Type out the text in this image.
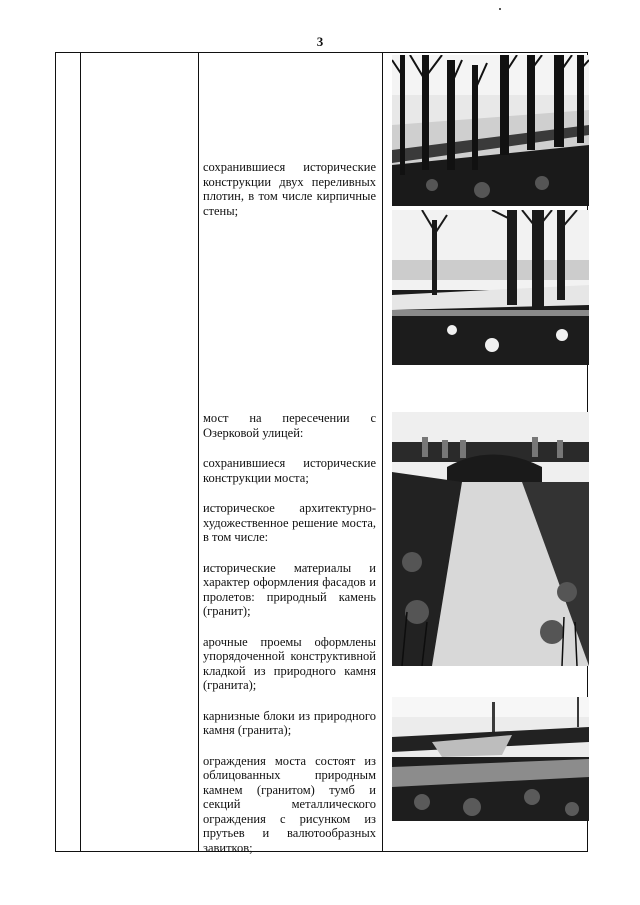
3

сохранившиеся исторические конструкции двух переливных плотин, в том числе кирпичные стены;

мост на пересечении с

Озерковой улицей:

сохранившиеся исторические конструкции моста;

историческое архитектурно-художественное решение моста, в том числе:

исторические материалы и характер оформления фасадов и пролетов: природный камень (гранит);

арочные проемы оформлены упорядоченной конструктивной кладкой из природного камня (гранита);

карнизные блоки из природного камня (гранита);

ограждения моста состоят из облицованных природным камнем (гранитом) тумб и секций металлического ограждения с рисунком из прутьев и валютообразных завитков;
